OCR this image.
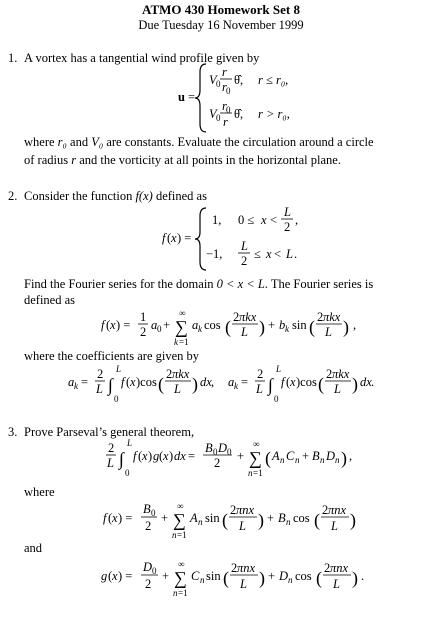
ATMO 430 Homework Set 8
Due Tuesday 16 November 1999
1. A vortex has a tangential wind profile given by
u =
V 0
r
r 0
θ̂, r ≤ r₀,
V 0
r 0
r
θ̂, r > r₀,
where r₀ and V₀ are constants. Evaluate the circulation around a circle
of radius r and the vorticity at all points in the horizontal plane.
2. Consider the function f(x) defined as
f ( x ) =
1, 0 ≤ x <
L
2 ,
−1,
L
2 ≤ x < L .
Find the Fourier series for the domain 0 < x < L. The Fourier series is
defined as
f ( x ) =
1
2 a 0 +
∞
∑
k =1
a k cos ( 2 πkx
L ) + b k sin ( 2 πkx
L ) ,
where the coefficients are given by
a k =
2
L ∫
L
0
f ( x )cos ( 2 πkx
L ) dx , a k =
2
L ∫
L
0
f ( x )cos ( 2 πkx
L ) dx .
3. Prove Parseval’s general theorem,
2
L ∫
L
0
f ( x ) g ( x ) dx =
B 0 D 0
2 +
∞
∑
n =1
( A n C n + B n D n ) ,
where
f ( x ) =
B 0
2
+
∞
∑
n =1
A n sin ( 2 πnx
L ) + B n cos ( 2 πnx
L )
and
g ( x ) =
D 0
2
+
∞
∑
n =1
C n sin ( 2 πnx
L ) + D n cos ( 2 πnx
L ) .
